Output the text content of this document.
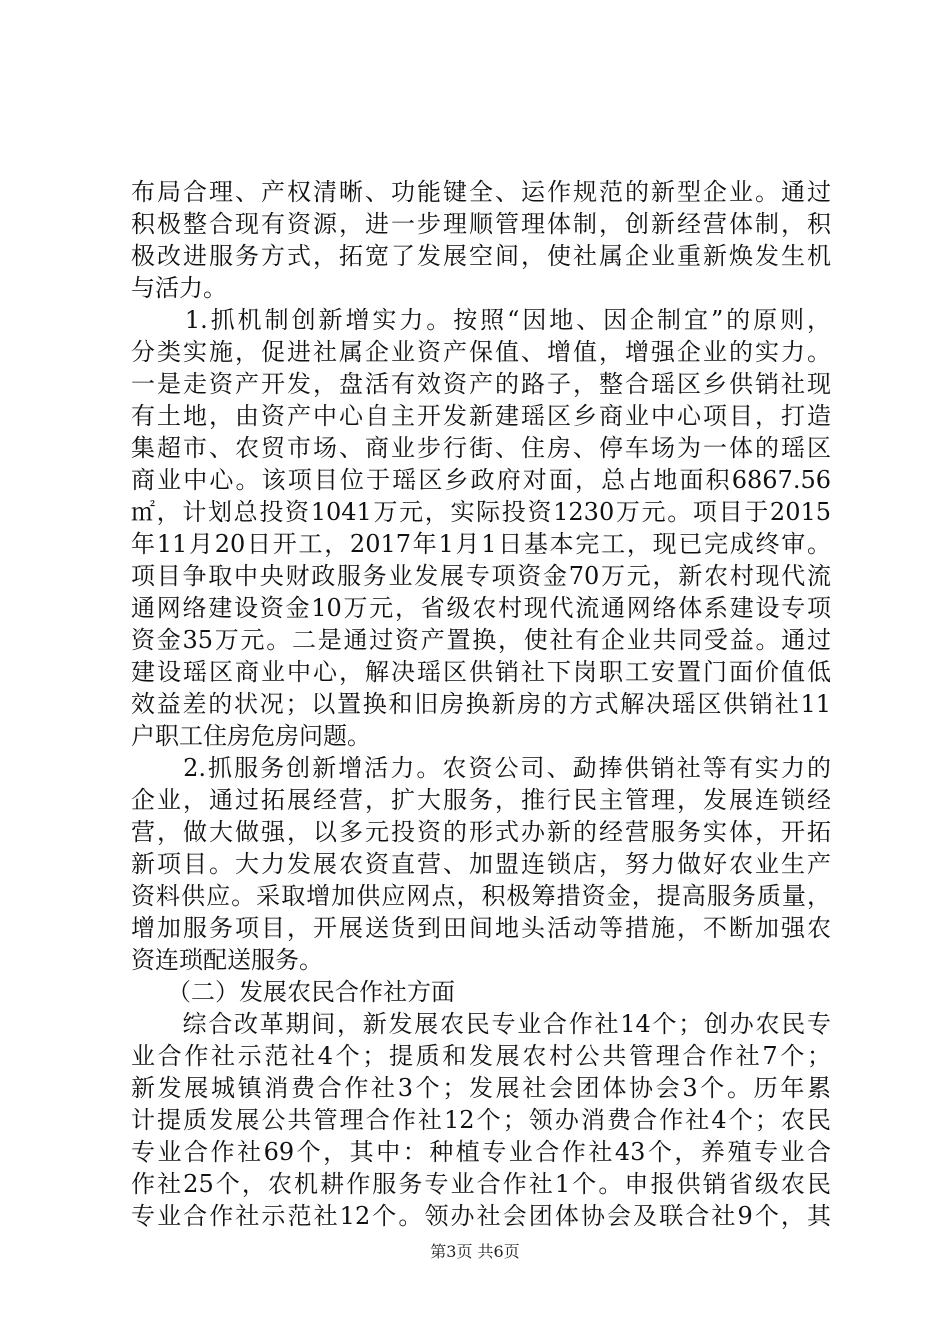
布局合理、产权清晰、功能键全、运作规范的新型企业。通过
积极整合现有资源，进一步理顺管理体制，创新经营体制，积
极改进服务方式，拓宽了发展空间，使社属企业重新焕发生机
与活力。
　　1.抓机制创新增实力。按照“因地、因企制宜”的原则，
分类实施，促进社属企业资产保值、增值，增强企业的实力。
一是走资产开发，盘活有效资产的路子，整合瑶区乡供销社现
有土地，由资产中心自主开发新建瑶区乡商业中心项目，打造
集超市、农贸市场、商业步行街、住房、停车场为一体的瑶区
商业中心。该项目位于瑶区乡政府对面，总占地面积6867.56
㎡，计划总投资1041万元，实际投资1230万元。项目于2015
年11月20日开工，2017年1月1日基本完工，现已完成终审。
项目争取中央财政服务业发展专项资金70万元，新农村现代流
通网络建设资金10万元，省级农村现代流通网络体系建设专项
资金35万元。二是通过资产置换，使社有企业共同受益。通过
建设瑶区商业中心，解决瑶区供销社下岗职工安置门面价值低
效益差的状况；以置换和旧房换新房的方式解决瑶区供销社11
户职工住房危房问题。
　　2.抓服务创新增活力。农资公司、勐捧供销社等有实力的
企业，通过拓展经营，扩大服务，推行民主管理，发展连锁经
营，做大做强，以多元投资的形式办新的经营服务实体，开拓
新项目。大力发展农资直营、加盟连锁店，努力做好农业生产
资料供应。采取增加供应网点，积极筹措资金，提高服务质量，
增加服务项目，开展送货到田间地头活动等措施，不断加强农
资连琐配送服务。
　　（二）发展农民合作社方面
　　综合改革期间，新发展农民专业合作社14个；创办农民专
业合作社示范社4个；提质和发展农村公共管理合作社7个；
新发展城镇消费合作社3个；发展社会团体协会3个。历年累
计提质发展公共管理合作社12个；领办消费合作社4个；农民
专业合作社69个，其中：种植专业合作社43个，养殖专业合
作社25个，农机耕作服务专业合作社1个。申报供销省级农民
专业合作社示范社12个。领办社会团体协会及联合社9个，其
第3页 共6页
